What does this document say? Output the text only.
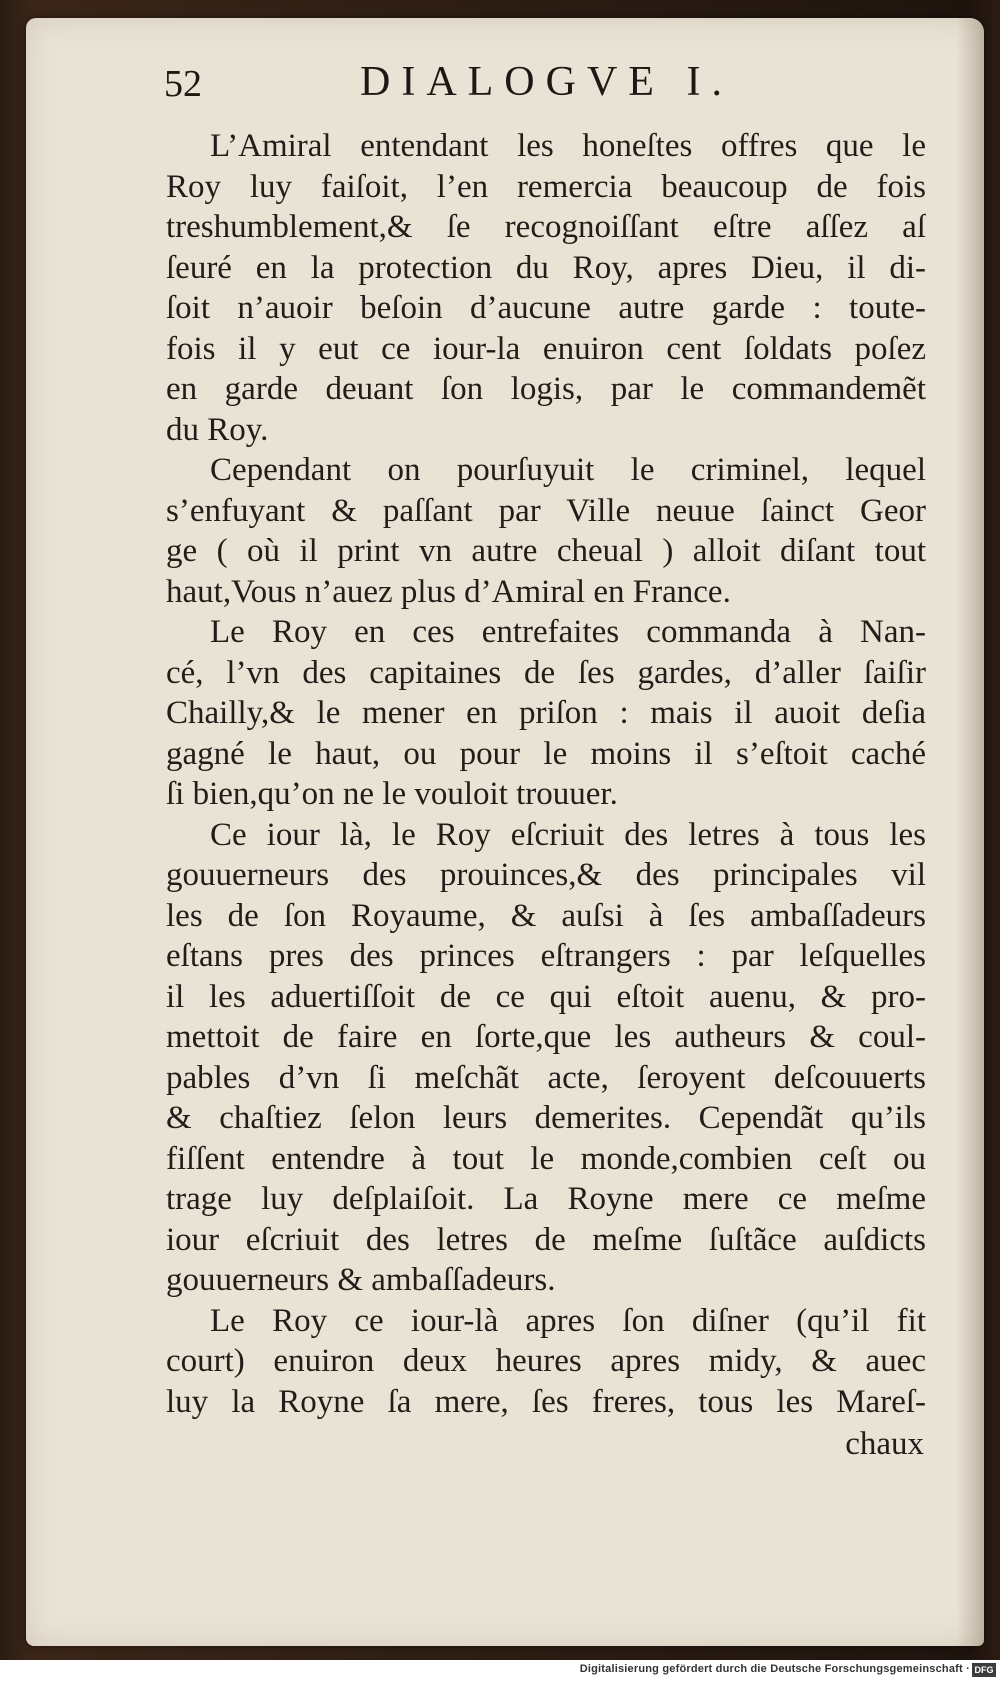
52	DIALOGVE I.
L’Amiral entendant les honeſtes offres que le
Roy luy faiſoit, l’en remercia beaucoup de fois
treshumblement,& ſe recognoiſſant eſtre aſſez aſ
ſeuré en la protection du Roy, apres Dieu, il di-
ſoit n’auoir beſoin d’aucune autre garde : toute-
fois il y eut ce iour-la enuiron cent ſoldats poſez
en garde deuant ſon logis, par le commandemẽt
du Roy.
Cependant on pourſuyuit le criminel, lequel
s’enfuyant & paſſant par Ville neuue ſainct Geor
ge ( où il print vn autre cheual ) alloit diſant tout
haut,Vous n’auez plus d’Amiral en France.
Le Roy en ces entrefaites commanda à Nan-
cé, l’vn des capitaines de ſes gardes, d’aller ſaiſir
Chailly,& le mener en priſon : mais il auoit deſia
gagné le haut, ou pour le moins il s’eſtoit caché
ſi bien,qu’on ne le vouloit trouuer.
Ce iour là, le Roy eſcriuit des letres à tous les
gouuerneurs des prouinces,& des principales vil
les de ſon Royaume, & auſsi à ſes ambaſſadeurs
eſtans pres des princes eſtrangers : par leſquelles
il les aduertiſſoit de ce qui eſtoit auenu, & pro-
mettoit de faire en ſorte,que les autheurs & coul-
pables d’vn ſi meſchãt acte, ſeroyent deſcouuerts
& chaſtiez ſelon leurs demerites. Cependãt qu’ils
fiſſent entendre à tout le monde,combien ceſt ou
trage luy deſplaiſoit. La Royne mere ce meſme
iour eſcriuit des letres de meſme ſuſtãce auſdicts
gouuerneurs & ambaſſadeurs.
Le Roy ce iour-là apres ſon diſner (qu’il fit
court) enuiron deux heures apres midy, & auec
luy la Royne ſa mere, ſes freres, tous les Mareſ-
chaux
Digitalisierung gefördert durch die Deutsche Forschungsgemeinschaft · DFG
